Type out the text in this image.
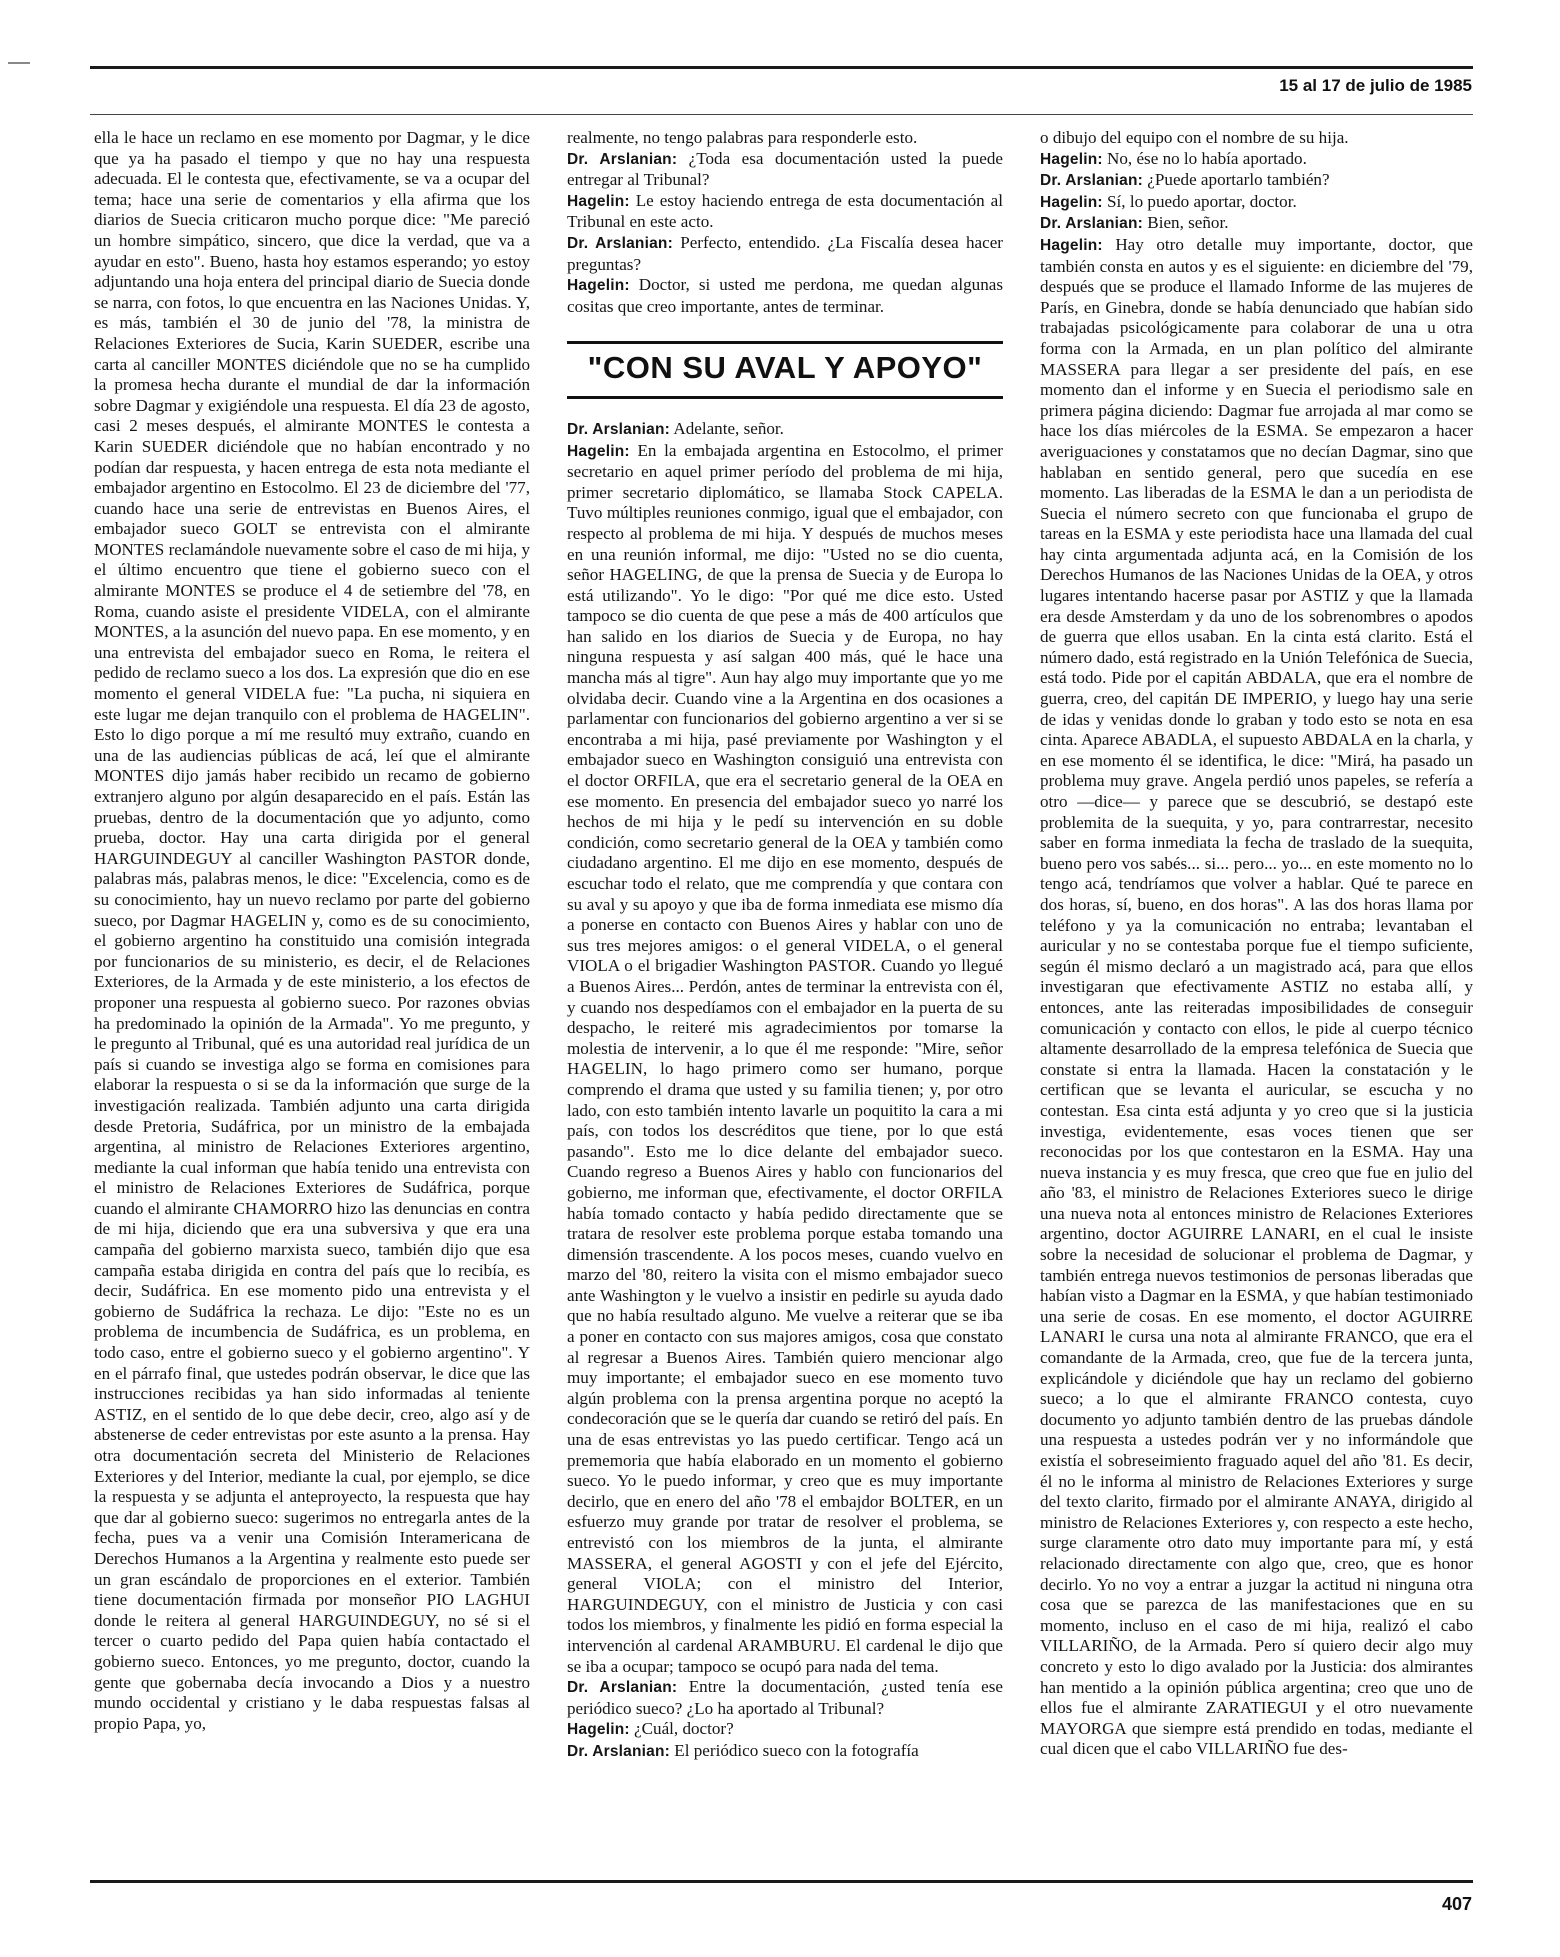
15 al 17 de julio de 1985

ella le hace un reclamo en ese momento por Dagmar, y le dice que ya ha pasado el tiempo y que no hay una respuesta adecuada. El le contesta que, efectivamente, se va a ocupar del tema; hace una serie de comentarios y ella afirma que los diarios de Suecia criticaron mucho porque dice: "Me pareció un hombre simpático, sincero, que dice la verdad, que va a ayudar en esto". Bueno, hasta hoy estamos esperando; yo estoy adjuntando una hoja entera del principal diario de Suecia donde se narra, con fotos, lo que encuentra en las Naciones Unidas. Y, es más, también el 30 de junio del '78, la ministra de Relaciones Exteriores de Sucia, Karin SUEDER, escribe una carta al canciller MONTES diciéndole que no se ha cumplido la promesa hecha durante el mundial de dar la información sobre Dagmar y exigiéndole una respuesta. El día 23 de agosto, casi 2 meses después, el almirante MONTES le contesta a Karin SUEDER diciéndole que no habían encontrado y no podían dar respuesta, y hacen entrega de esta nota mediante el embajador argentino en Estocolmo. El 23 de diciembre del '77, cuando hace una serie de entrevistas en Buenos Aires, el embajador sueco GOLT se entrevista con el almirante MONTES reclamándole nuevamente sobre el caso de mi hija, y el último encuentro que tiene el gobierno sueco con el almirante MONTES se produce el 4 de setiembre del '78, en Roma, cuando asiste el presidente VIDELA, con el almirante MONTES, a la asunción del nuevo papa. En ese momento, y en una entrevista del embajador sueco en Roma, le reitera el pedido de reclamo sueco a los dos. La expresión que dio en ese momento el general VIDELA fue: "La pucha, ni siquiera en este lugar me dejan tranquilo con el problema de HAGELIN". Esto lo digo porque a mí me resultó muy extraño, cuando en una de las audiencias públicas de acá, leí que el almirante MONTES dijo jamás haber recibido un recamo de gobierno extranjero alguno por algún desaparecido en el país. Están las pruebas, dentro de la documentación que yo adjunto, como prueba, doctor. Hay una carta dirigida por el general HARGUINDEGUY al canciller Washington PASTOR donde, palabras más, palabras menos, le dice: "Excelencia, como es de su conocimiento, hay un nuevo reclamo por parte del gobierno sueco, por Dagmar HAGELIN y, como es de su conocimiento, el gobierno argentino ha constituido una comisión integrada por funcionarios de su ministerio, es decir, el de Relaciones Exteriores, de la Armada y de este ministerio, a los efectos de proponer una respuesta al gobierno sueco. Por razones obvias ha predominado la opinión de la Armada". Yo me pregunto, y le pregunto al Tribunal, qué es una autoridad real jurídica de un país si cuando se investiga algo se forma en comisiones para elaborar la respuesta o si se da la información que surge de la investigación realizada. También adjunto una carta dirigida desde Pretoria, Sudáfrica, por un ministro de la embajada argentina, al ministro de Relaciones Exteriores argentino, mediante la cual informan que había tenido una entrevista con el ministro de Relaciones Exteriores de Sudáfrica, porque cuando el almirante CHAMORRO hizo las denuncias en contra de mi hija, diciendo que era una subversiva y que era una campaña del gobierno marxista sueco, también dijo que esa campaña estaba dirigida en contra del país que lo recibía, es decir, Sudáfrica. En ese momento pido una entrevista y el gobierno de Sudáfrica la rechaza. Le dijo: "Este no es un problema de incumbencia de Sudáfrica, es un problema, en todo caso, entre el gobierno sueco y el gobierno argentino". Y en el párrafo final, que ustedes podrán observar, le dice que las instrucciones recibidas ya han sido informadas al teniente ASTIZ, en el sentido de lo que debe decir, creo, algo así y de abstenerse de ceder entrevistas por este asunto a la prensa. Hay otra documentación secreta del Ministerio de Relaciones Exteriores y del Interior, mediante la cual, por ejemplo, se dice la respuesta y se adjunta el anteproyecto, la respuesta que hay que dar al gobierno sueco: sugerimos no entregarla antes de la fecha, pues va a venir una Comisión Interamericana de Derechos Humanos a la Argentina y realmente esto puede ser un gran escándalo de proporciones en el exterior. También tiene documentación firmada por monseñor PIO LAGHUI donde le reitera al general HARGUINDEGUY, no sé si el tercer o cuarto pedido del Papa quien había contactado el gobierno sueco. Entonces, yo me pregunto, doctor, cuando la gente que gobernaba decía invocando a Dios y a nuestro mundo occidental y cristiano y le daba respuestas falsas al propio Papa, yo,

realmente, no tengo palabras para responderle esto.

Dr. Arslanian: ¿Toda esa documentación usted la puede entregar al Tribunal?

Hagelin: Le estoy haciendo entrega de esta documentación al Tribunal en este acto.

Dr. Arslanian: Perfecto, entendido. ¿La Fiscalía desea hacer preguntas?

Hagelin: Doctor, si usted me perdona, me quedan algunas cositas que creo importante, antes de terminar.

"CON SU AVAL Y APOYO"

Dr. Arslanian: Adelante, señor.

Hagelin: En la embajada argentina en Estocolmo, el primer secretario en aquel primer período del problema de mi hija, primer secretario diplomático, se llamaba Stock CAPELA. Tuvo múltiples reuniones conmigo, igual que el embajador, con respecto al problema de mi hija. Y después de muchos meses en una reunión informal, me dijo: "Usted no se dio cuenta, señor HAGELING, de que la prensa de Suecia y de Europa lo está utilizando". Yo le digo: "Por qué me dice esto. Usted tampoco se dio cuenta de que pese a más de 400 artículos que han salido en los diarios de Suecia y de Europa, no hay ninguna respuesta y así salgan 400 más, qué le hace una mancha más al tigre". Aun hay algo muy importante que yo me olvidaba decir. Cuando vine a la Argentina en dos ocasiones a parlamentar con funcionarios del gobierno argentino a ver si se encontraba a mi hija, pasé previamente por Washington y el embajador sueco en Washington consiguió una entrevista con el doctor ORFILA, que era el secretario general de la OEA en ese momento. En presencia del embajador sueco yo narré los hechos de mi hija y le pedí su intervención en su doble condición, como secretario general de la OEA y también como ciudadano argentino. El me dijo en ese momento, después de escuchar todo el relato, que me comprendía y que contara con su aval y su apoyo y que iba de forma inmediata ese mismo día a ponerse en contacto con Buenos Aires y hablar con uno de sus tres mejores amigos: o el general VIDELA, o el general VIOLA o el brigadier Washington PASTOR. Cuando yo llegué a Buenos Aires... Perdón, antes de terminar la entrevista con él, y cuando nos despedíamos con el embajador en la puerta de su despacho, le reiteré mis agradecimientos por tomarse la molestia de intervenir, a lo que él me responde: "Mire, señor HAGELIN, lo hago primero como ser humano, porque comprendo el drama que usted y su familia tienen; y, por otro lado, con esto también intento lavarle un poquitito la cara a mi país, con todos los descréditos que tiene, por lo que está pasando". Esto me lo dice delante del embajador sueco. Cuando regreso a Buenos Aires y hablo con funcionarios del gobierno, me informan que, efectivamente, el doctor ORFILA había tomado contacto y había pedido directamente que se tratara de resolver este problema porque estaba tomando una dimensión trascendente. A los pocos meses, cuando vuelvo en marzo del '80, reitero la visita con el mismo embajador sueco ante Washington y le vuelvo a insistir en pedirle su ayuda dado que no había resultado alguno. Me vuelve a reiterar que se iba a poner en contacto con sus majores amigos, cosa que constato al regresar a Buenos Aires. También quiero mencionar algo muy importante; el embajador sueco en ese momento tuvo algún problema con la prensa argentina porque no aceptó la condecoración que se le quería dar cuando se retiró del país. En una de esas entrevistas yo las puedo certificar. Tengo acá un prememoria que había elaborado en un momento el gobierno sueco. Yo le puedo informar, y creo que es muy importante decirlo, que en enero del año '78 el embajdor BOLTER, en un esfuerzo muy grande por tratar de resolver el problema, se entrevistó con los miembros de la junta, el almirante MASSERA, el general AGOSTI y con el jefe del Ejército, general VIOLA; con el ministro del Interior, HARGUINDEGUY, con el ministro de Justicia y con casi todos los miembros, y finalmente les pidió en forma especial la intervención al cardenal ARAMBURU. El cardenal le dijo que se iba a ocupar; tampoco se ocupó para nada del tema.

Dr. Arslanian: Entre la documentación, ¿usted tenía ese periódico sueco? ¿Lo ha aportado al Tribunal?

Hagelin: ¿Cuál, doctor?

Dr. Arslanian: El periódico sueco con la fotografía

o dibujo del equipo con el nombre de su hija.

Hagelin: No, ése no lo había aportado.

Dr. Arslanian: ¿Puede aportarlo también?

Hagelin: Sí, lo puedo aportar, doctor.

Dr. Arslanian: Bien, señor.

Hagelin: Hay otro detalle muy importante, doctor, que también consta en autos y es el siguiente: en diciembre del '79, después que se produce el llamado Informe de las mujeres de París, en Ginebra, donde se había denunciado que habían sido trabajadas psicológicamente para colaborar de una u otra forma con la Armada, en un plan político del almirante MASSERA para llegar a ser presidente del país, en ese momento dan el informe y en Suecia el periodismo sale en primera página diciendo: Dagmar fue arrojada al mar como se hace los días miércoles de la ESMA. Se empezaron a hacer averiguaciones y constatamos que no decían Dagmar, sino que hablaban en sentido general, pero que sucedía en ese momento. Las liberadas de la ESMA le dan a un periodista de Suecia el número secreto con que funcionaba el grupo de tareas en la ESMA y este periodista hace una llamada del cual hay cinta argumentada adjunta acá, en la Comisión de los Derechos Humanos de las Naciones Unidas de la OEA, y otros lugares intentando hacerse pasar por ASTIZ y que la llamada era desde Amsterdam y da uno de los sobrenombres o apodos de guerra que ellos usaban. En la cinta está clarito. Está el número dado, está registrado en la Unión Telefónica de Suecia, está todo. Pide por el capitán ABDALA, que era el nombre de guerra, creo, del capitán DE IMPERIO, y luego hay una serie de idas y venidas donde lo graban y todo esto se nota en esa cinta. Aparece ABADLA, el supuesto ABDALA en la charla, y en ese momento él se identifica, le dice: "Mirá, ha pasado un problema muy grave. Angela perdió unos papeles, se refería a otro —dice— y parece que se descubrió, se destapó este problemita de la suequita, y yo, para contrarrestar, necesito saber en forma inmediata la fecha de traslado de la suequita, bueno pero vos sabés... si... pero... yo... en este momento no lo tengo acá, tendríamos que volver a hablar. Qué te parece en dos horas, sí, bueno, en dos horas". A las dos horas llama por teléfono y ya la comunicación no entraba; levantaban el auricular y no se contestaba porque fue el tiempo suficiente, según él mismo declaró a un magistrado acá, para que ellos investigaran que efectivamente ASTIZ no estaba allí, y entonces, ante las reiteradas imposibilidades de conseguir comunicación y contacto con ellos, le pide al cuerpo técnico altamente desarrollado de la empresa telefónica de Suecia que constate si entra la llamada. Hacen la constatación y le certifican que se levanta el auricular, se escucha y no contestan. Esa cinta está adjunta y yo creo que si la justicia investiga, evidentemente, esas voces tienen que ser reconocidas por los que contestaron en la ESMA. Hay una nueva instancia y es muy fresca, que creo que fue en julio del año '83, el ministro de Relaciones Exteriores sueco le dirige una nueva nota al entonces ministro de Relaciones Exteriores argentino, doctor AGUIRRE LANARI, en el cual le insiste sobre la necesidad de solucionar el problema de Dagmar, y también entrega nuevos testimonios de personas liberadas que habían visto a Dagmar en la ESMA, y que habían testimoniado una serie de cosas. En ese momento, el doctor AGUIRRE LANARI le cursa una nota al almirante FRANCO, que era el comandante de la Armada, creo, que fue de la tercera junta, explicándole y diciéndole que hay un reclamo del gobierno sueco; a lo que el almirante FRANCO contesta, cuyo documento yo adjunto también dentro de las pruebas dándole una respuesta a ustedes podrán ver y no informándole que existía el sobreseimiento fraguado aquel del año '81. Es decir, él no le informa al ministro de Relaciones Exteriores y surge del texto clarito, firmado por el almirante ANAYA, dirigido al ministro de Relaciones Exteriores y, con respecto a este hecho, surge claramente otro dato muy importante para mí, y está relacionado directamente con algo que, creo, que es honor decirlo. Yo no voy a entrar a juzgar la actitud ni ninguna otra cosa que se parezca de las manifestaciones que en su momento, incluso en el caso de mi hija, realizó el cabo VILLARIÑO, de la Armada. Pero sí quiero decir algo muy concreto y esto lo digo avalado por la Justicia: dos almirantes han mentido a la opinión pública argentina; creo que uno de ellos fue el almirante ZARATIEGUI y el otro nuevamente MAYORGA que siempre está prendido en todas, mediante el cual dicen que el cabo VILLARIÑO fue des-

407
